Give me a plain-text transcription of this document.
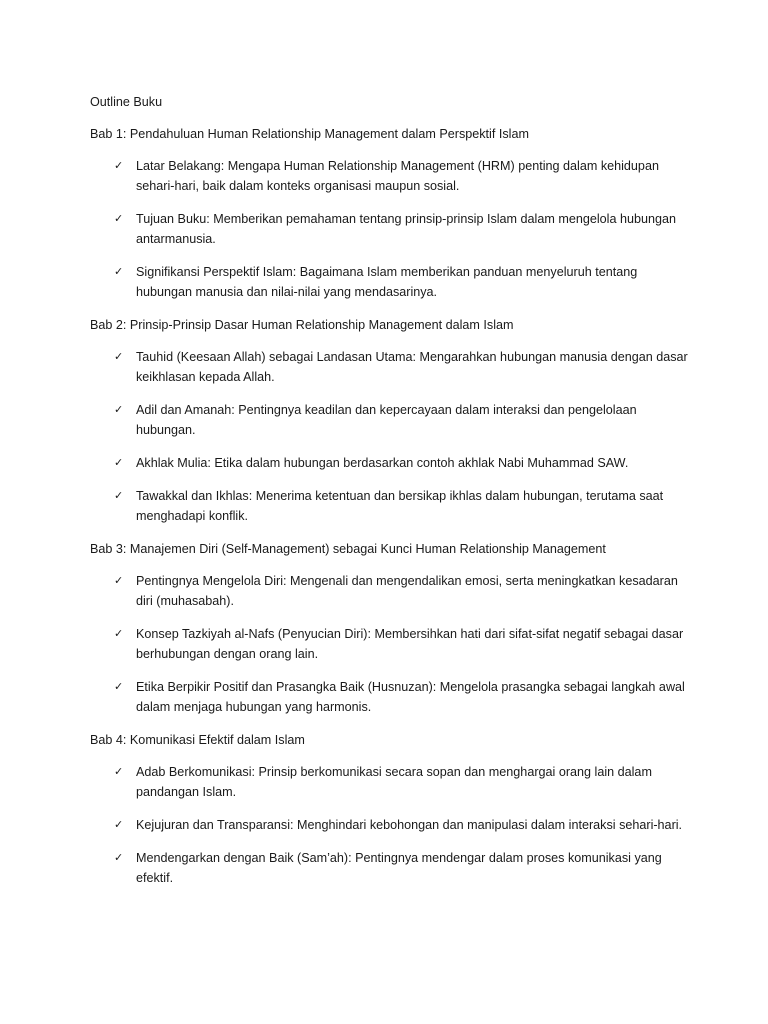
Outline Buku

Bab 1: Pendahuluan Human Relationship Management dalam Perspektif Islam

✓ Latar Belakang: Mengapa Human Relationship Management (HRM) penting dalam kehidupan sehari-hari, baik dalam konteks organisasi maupun sosial.
✓ Tujuan Buku: Memberikan pemahaman tentang prinsip-prinsip Islam dalam mengelola hubungan antarmanusia.
✓ Signifikansi Perspektif Islam: Bagaimana Islam memberikan panduan menyeluruh tentang hubungan manusia dan nilai-nilai yang mendasarinya.

Bab 2: Prinsip-Prinsip Dasar Human Relationship Management dalam Islam

✓ Tauhid (Keesaan Allah) sebagai Landasan Utama: Mengarahkan hubungan manusia dengan dasar keikhlasan kepada Allah.
✓ Adil dan Amanah: Pentingnya keadilan dan kepercayaan dalam interaksi dan pengelolaan hubungan.
✓ Akhlak Mulia: Etika dalam hubungan berdasarkan contoh akhlak Nabi Muhammad SAW.
✓ Tawakkal dan Ikhlas: Menerima ketentuan dan bersikap ikhlas dalam hubungan, terutama saat menghadapi konflik.

Bab 3: Manajemen Diri (Self-Management) sebagai Kunci Human Relationship Management

✓ Pentingnya Mengelola Diri: Mengenali dan mengendalikan emosi, serta meningkatkan kesadaran diri (muhasabah).
✓ Konsep Tazkiyah al-Nafs (Penyucian Diri): Membersihkan hati dari sifat-sifat negatif sebagai dasar berhubungan dengan orang lain.
✓ Etika Berpikir Positif dan Prasangka Baik (Husnuzan): Mengelola prasangka sebagai langkah awal dalam menjaga hubungan yang harmonis.

Bab 4: Komunikasi Efektif dalam Islam

✓ Adab Berkomunikasi: Prinsip berkomunikasi secara sopan dan menghargai orang lain dalam pandangan Islam.
✓ Kejujuran dan Transparansi: Menghindari kebohongan dan manipulasi dalam interaksi sehari-hari.
✓ Mendengarkan dengan Baik (Sam’ah): Pentingnya mendengar dalam proses komunikasi yang efektif.
